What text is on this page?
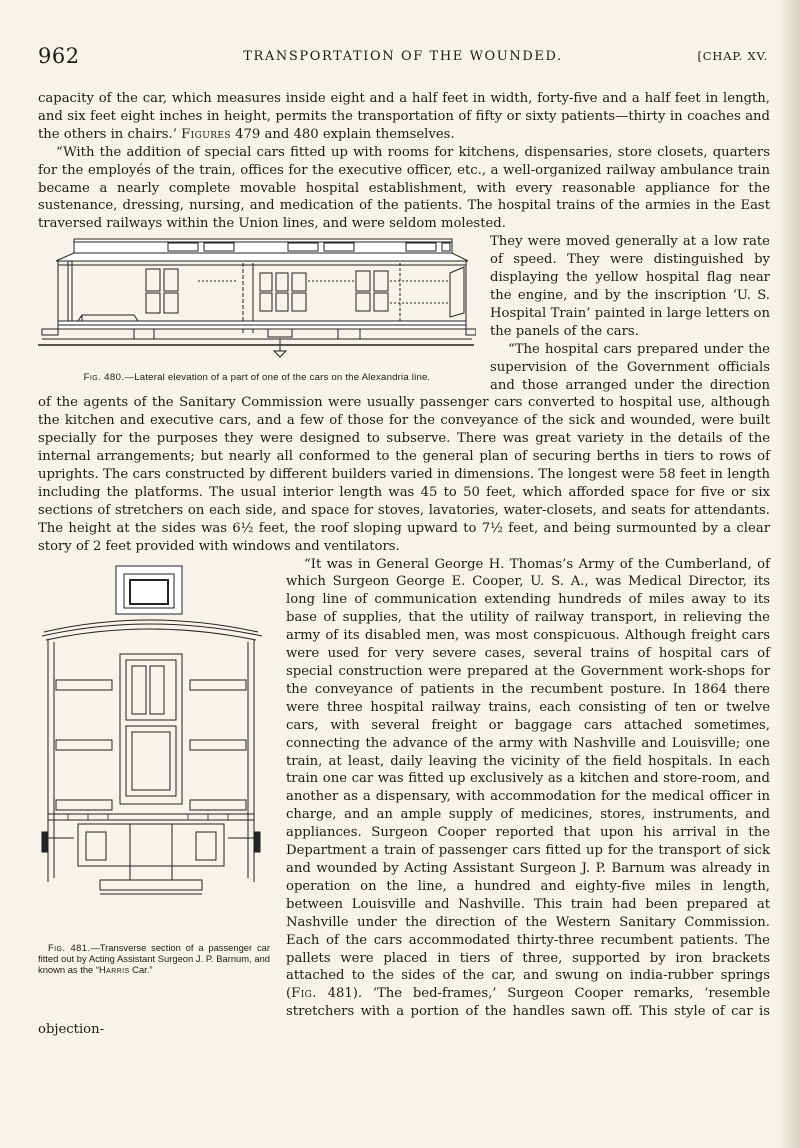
962	TRANSPORTATION OF THE WOUNDED.	[CHAP. XV.

capacity of the car, which measures inside eight and a half feet in width, forty-five and a half feet in length, and six feet eight inches in height, permits the transportation of fifty or sixty patients—thirty in coaches and the others in chairs.’ Figures 479 and 480 explain themselves.

“With the addition of special cars fitted up with rooms for kitchens, dispensaries, store closets, quarters for the employés of the train, offices for the executive officer, etc., a well-organized railway ambulance train became a nearly complete movable hospital establishment, with every reasonable appliance for the sustenance, dressing, nursing, and medication of the patients. The hospital trains of the armies in the East traversed railways within the Union lines, and were seldom molested.

Fig. 480.—Lateral elevation of a part of one of the cars on the Alexandria line.

They were moved generally at a low rate of speed. They were distinguished by displaying the yellow hospital flag near the engine, and by the inscription ‘U. S. Hospital Train’ painted in large letters on the panels of the cars.

“The hospital cars prepared under the supervision of the Government officials and those arranged under the direction of the agents of the Sanitary Commission were usually passenger cars converted to hospital use, although the kitchen and executive cars, and a few of those for the conveyance of the sick and wounded, were built specially for the purposes they were designed to subserve. There was great variety in the details of the internal arrangements; but nearly all conformed to the general plan of securing berths in tiers to rows of uprights. The cars constructed by different builders varied in dimensions. The longest were 58 feet in length including the platforms. The usual interior length was 45 to 50 feet, which afforded space for five or six sections of stretchers on each side, and space for stoves, lavatories, water-closets, and seats for attendants. The height at the sides was 6½ feet, the roof sloping upward to 7½ feet, and being surmounted by a clear story of 2 feet provided with windows and ventilators.

Fig. 481.—Transverse section of a passenger car fitted out by Acting Assistant Surgeon J. P. Barnum, and known as the “Harris Car.”

“It was in General George H. Thomas’s Army of the Cumberland, of which Surgeon George E. Cooper, U. S. A., was Medical Director, its long line of communication extending hundreds of miles away to its base of supplies, that the utility of railway transport, in relieving the army of its disabled men, was most conspicuous. Although freight cars were used for very severe cases, several trains of hospital cars of special construction were prepared at the Government work-shops for the conveyance of patients in the recumbent posture. In 1864 there were three hospital railway trains, each consisting of ten or twelve cars, with several freight or baggage cars attached sometimes, connecting the advance of the army with Nashville and Louisville; one train, at least, daily leaving the vicinity of the field hospitals. In each train one car was fitted up exclusively as a kitchen and store-room, and another as a dispensary, with accommodation for the medical officer in charge, and an ample supply of medicines, stores, instruments, and appliances. Surgeon Cooper reported that upon his arrival in the Department a train of passenger cars fitted up for the transport of sick and wounded by Acting Assistant Surgeon J. P. Barnum was already in operation on the line, a hundred and eighty-five miles in length, between Louisville and Nashville. This train had been prepared at Nashville under the direction of the Western Sanitary Commission. Each of the cars accommodated thirty-three recumbent patients. The pallets were placed in tiers of three, supported by iron brackets attached to the sides of the car, and swung on india-rubber springs (Fig. 481). ‘The bed-frames,’ Surgeon Cooper remarks, ‘resemble stretchers with a portion of the handles sawn off. This style of car is objection-
